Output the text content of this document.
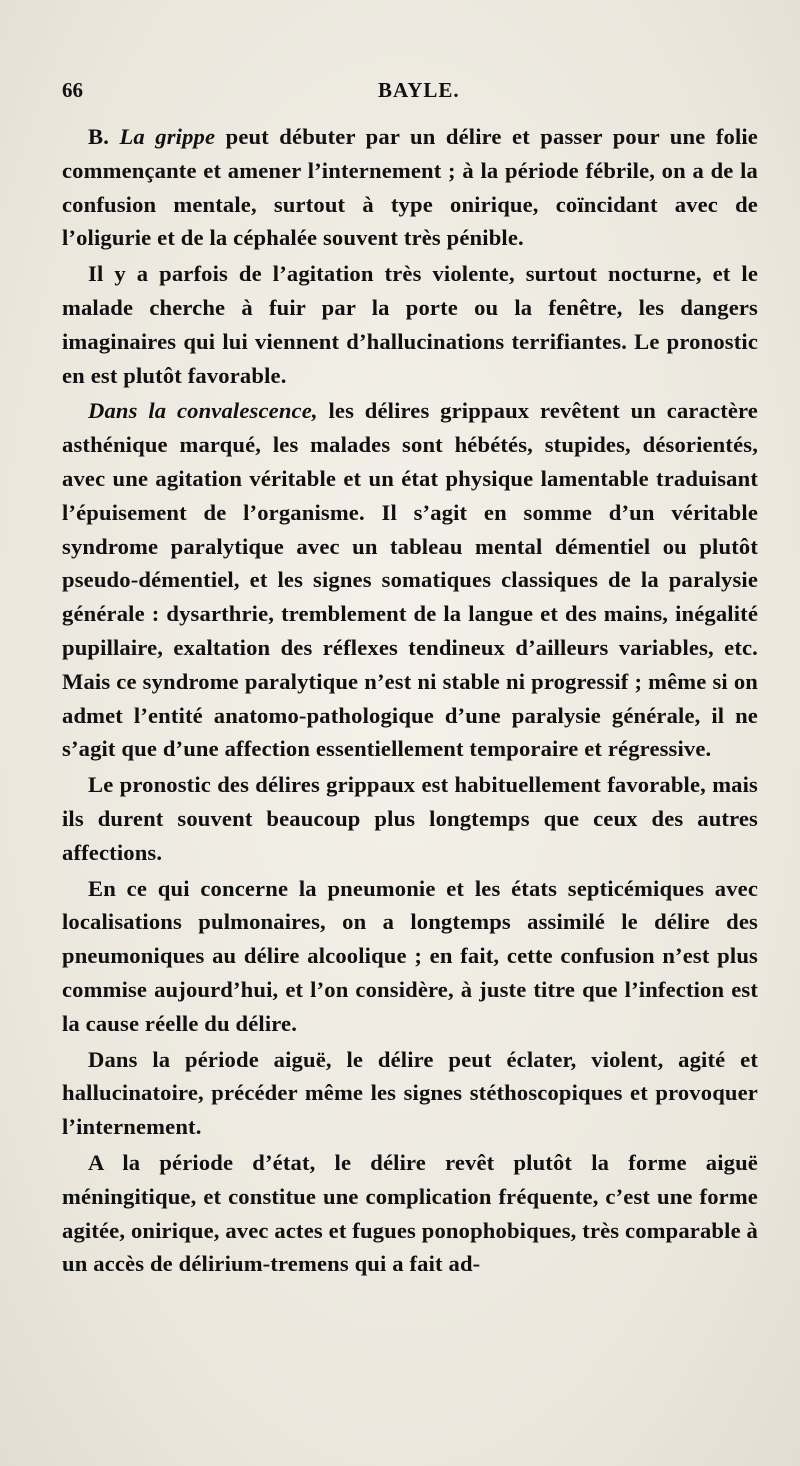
66	BAYLE.

B. La grippe peut débuter par un délire et passer pour une folie commençante et amener l’internement ; à la période fébrile, on a de la confusion mentale, surtout à type onirique, coïncidant avec de l’oligurie et de la céphalée souvent très pénible.

Il y a parfois de l’agitation très violente, surtout nocturne, et le malade cherche à fuir par la porte ou la fenêtre, les dangers imaginaires qui lui viennent d’hallucinations terrifiantes. Le pronostic en est plutôt favorable.

Dans la convalescence, les délires grippaux revêtent un caractère asthénique marqué, les malades sont hébétés, stupides, désorientés, avec une agitation véritable et un état physique lamentable traduisant l’épuisement de l’organisme. Il s’agit en somme d’un véritable syndrome paralytique avec un tableau mental démentiel ou plutôt pseudo-démentiel, et les signes somatiques classiques de la paralysie générale : dysarthrie, tremblement de la langue et des mains, inégalité pupillaire, exaltation des réflexes tendineux d’ailleurs variables, etc. Mais ce syndrome paralytique n’est ni stable ni progressif ; même si on admet l’entité anatomo-pathologique d’une paralysie générale, il ne s’agit que d’une affection essentiellement temporaire et régressive.

Le pronostic des délires grippaux est habituellement favorable, mais ils durent souvent beaucoup plus longtemps que ceux des autres affections.

En ce qui concerne la pneumonie et les états septicémiques avec localisations pulmonaires, on a longtemps assimilé le délire des pneumoniques au délire alcoolique ; en fait, cette confusion n’est plus commise aujourd’hui, et l’on considère, à juste titre que l’infection est la cause réelle du délire.

Dans la période aiguë, le délire peut éclater, violent, agité et hallucinatoire, précéder même les signes stéthoscopiques et provoquer l’internement.

A la période d’état, le délire revêt plutôt la forme aiguë méningitique, et constitue une complication fréquente, c’est une forme agitée, onirique, avec actes et fugues ponophobiques, très comparable à un accès de délirium-tremens qui a fait ad-
